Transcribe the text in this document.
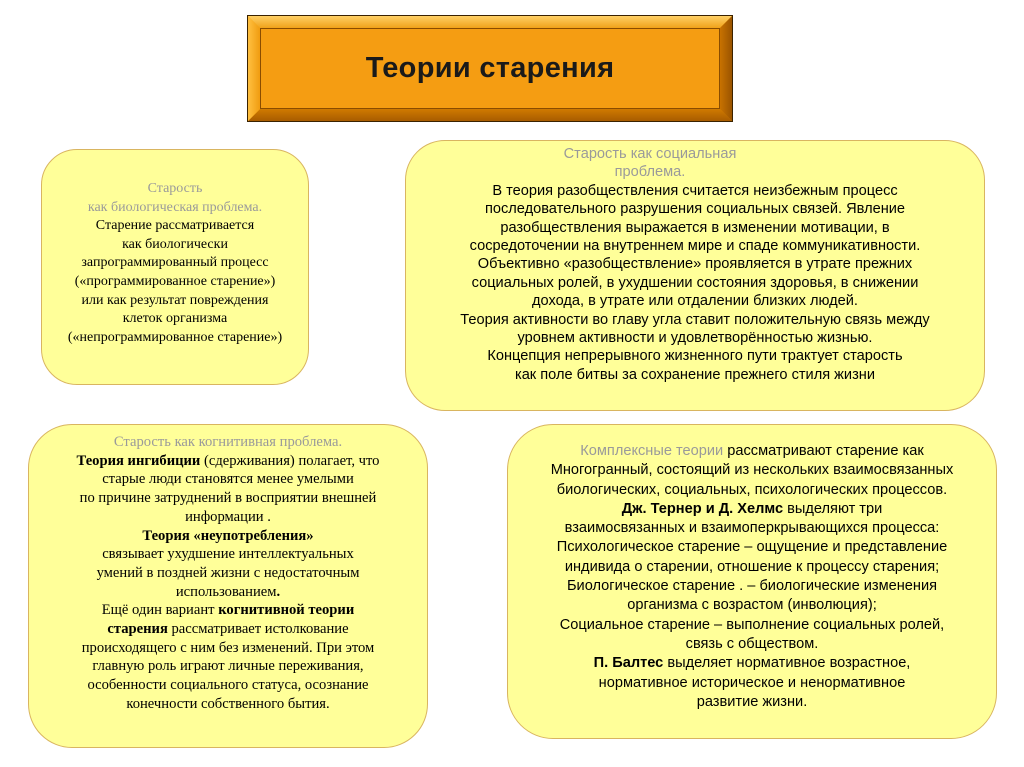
Теории старения
Старость
как биологическая проблема.
Старение рассматривается
как биологически
запрограммированный процесс
(«программированное старение»)
или как результат повреждения
клеток организма
(«непрограммированное старение»)
Старость как социальная
проблема.
В теория разобществления считается неизбежным процесс
последовательного разрушения социальных связей. Явление
разобществления выражается в изменении мотивации, в
сосредоточении на внутреннем мире и спаде коммуникативности.
Объективно «разобществление» проявляется в утрате прежних
социальных ролей, в ухудшении состояния здоровья, в снижении
дохода, в утрате или отдалении близких людей.
Теория активности во главу угла ставит положительную связь между
уровнем активности и удовлетворённостью жизнью.
Концепция непрерывного жизненного пути трактует старость
как поле битвы за сохранение прежнего стиля жизни
Старость как когнитивная проблема.
Теория ингибиции (сдерживания) полагает, что
старые люди становятся менее умелыми
по причине затруднений в восприятии внешней
информации .
Теория «неупотребления»
связывает ухудшение интеллектуальных
умений в поздней жизни с недостаточным
использованием.
Ещё один вариант когнитивной теории
старения рассматривает истолкование
происходящего с ним без изменений. При этом
главную роль играют личные переживания,
особенности социального статуса, осознание
конечности собственного бытия.
Комплексные теории рассматривают старение как
Многогранный, состоящий из нескольких взаимосвязанных
биологических, социальных, психологических процессов.
Дж. Тернер и Д. Хелмс выделяют три
взаимосвязанных и взаимоперкрывающихся процесса:
Психологическое старение – ощущение и представление
индивида о старении, отношение к процессу старения;
Биологическое старение . – биологические изменения
организма с возрастом (инволюция);
Социальное старение – выполнение социальных ролей,
связь с обществом.
П. Балтес выделяет нормативное возрастное,
нормативное историческое и ненормативное
развитие жизни.
